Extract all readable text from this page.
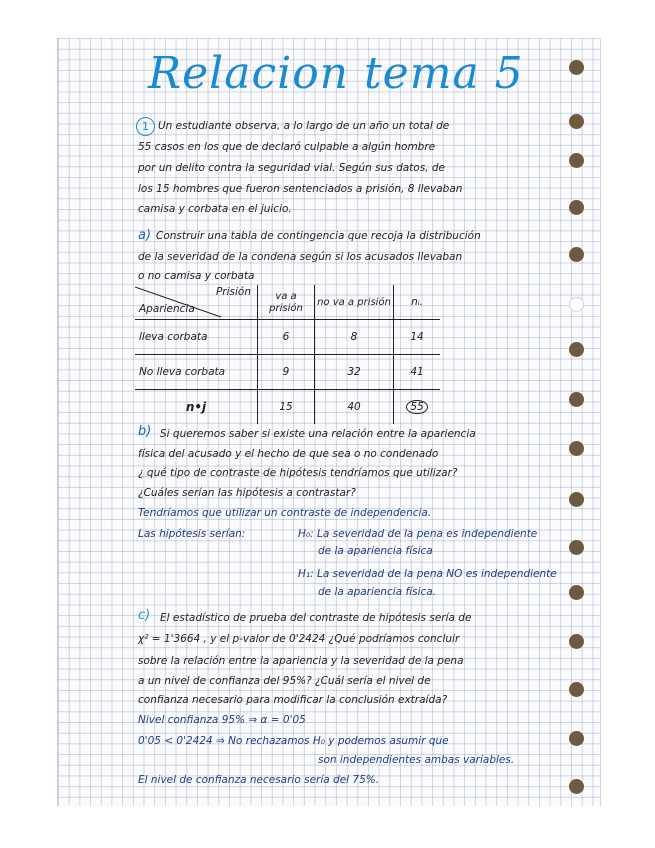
Relacion tema 5
1 Un estudiante observa, a lo largo de un año un total de
55 casos en los que de declaró culpable a algún hombre
por un delito contra la seguridad vial. Según sus datos, de
los 15 hombres que fueron sentenciados a prisión, 8 llevaban
camisa y corbata en el juicio.
a) Construir una tabla de contingencia que recoja la distribución
de la severidad de la condena según si los acusados llevaban
o no camisa y corbata
Prisión
Apariencia	va a prisión	no va a prisión	nᵢ.
lleva corbata	6	8	14
No lleva corbata	9	32	41
n•j	15	40	55
b) Si queremos saber si existe una relación entre la apariencia
física del acusado y el hecho de que sea o no condenado
¿ qué tipo de contraste de hipótesis tendríamos que utilizar?
¿Cuáles serían las hipótesis a contrastar?
Tendríamos que utilizar un contraste de independencia.
Las hipótesis serían:	H₀: La severidad de la pena es independiente
de la apariencia física
H₁: La severidad de la pena NO es independiente
de la apariencia física.
c) El estadístico de prueba del contraste de hipótesis sería de
χ² = 1'3664 , y el p-valor de 0'2424 ¿Qué podríamos concluir
sobre la relación entre la apariencia y la severidad de la pena
a un nivel de confianza del 95%? ¿Cuál sería el nivel de
confianza necesario para modificar la conclusión extraída?
Nivel confianza 95% ⇒ α = 0'05
0'05 < 0'2424 ⇒ No rechazamos H₀ y podemos asumir que
son independientes ambas variables.
El nivel de confianza necesario sería del 75%.
